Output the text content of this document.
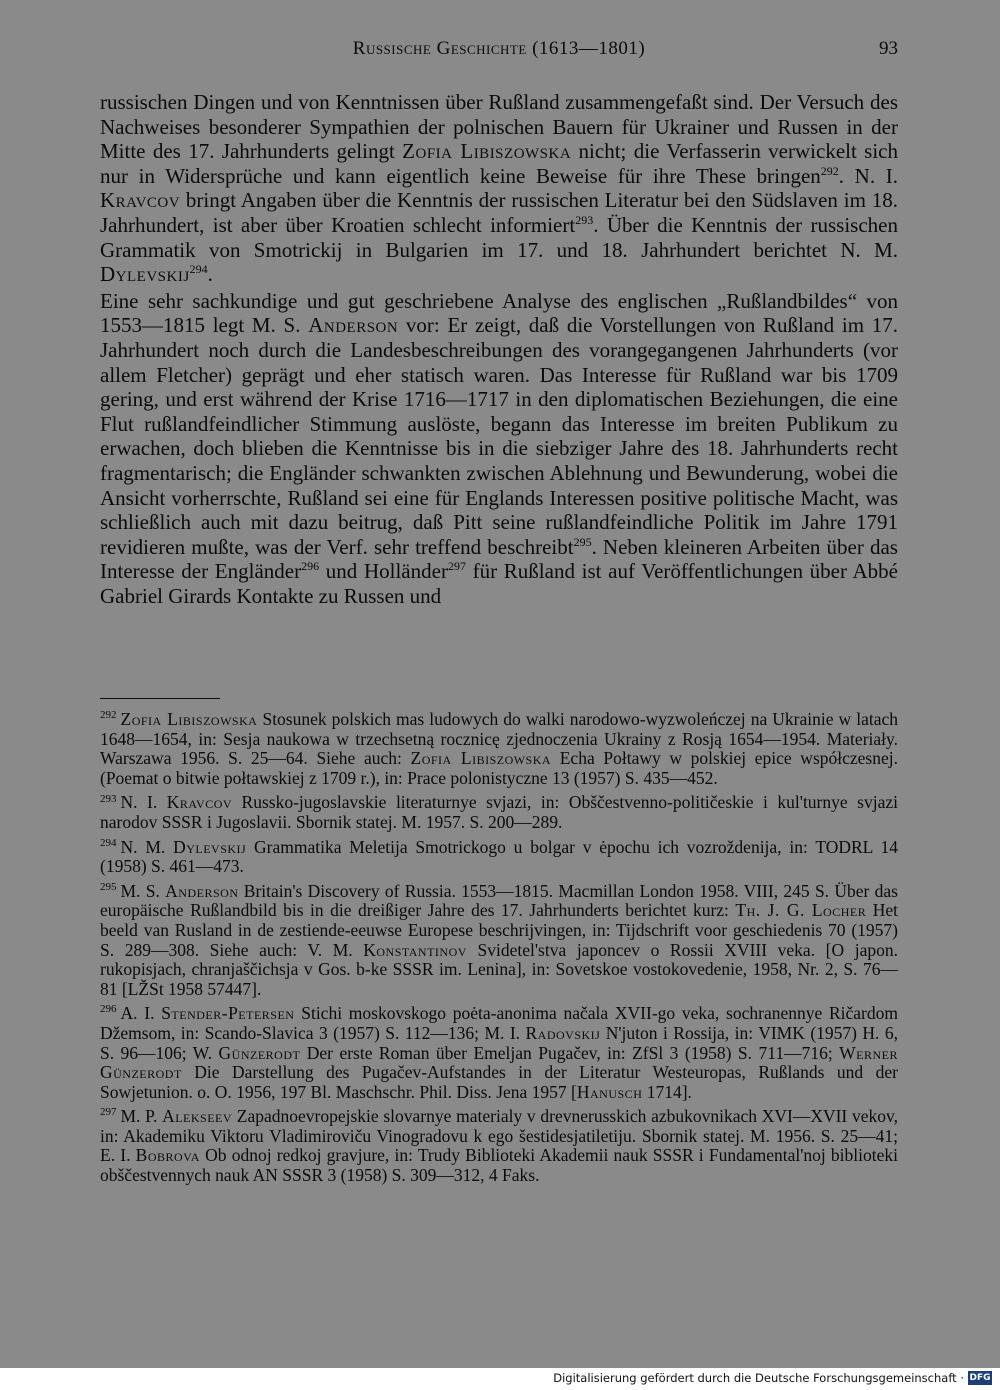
Russische Geschichte (1613—1801)	93

russischen Dingen und von Kenntnissen über Rußland zusammengefaßt sind. Der Versuch des Nachweises besonderer Sympathien der polnischen Bauern für Ukrainer und Russen in der Mitte des 17. Jahrhunderts gelingt Zofia Libiszowska nicht; die Verfasserin verwickelt sich nur in Widersprüche und kann eigentlich keine Beweise für ihre These bringen$^{292}$. N. I. Kravcov bringt Angaben über die Kenntnis der russischen Literatur bei den Südslaven im 18. Jahrhundert, ist aber über Kroatien schlecht informiert$^{293}$. Über die Kenntnis der russischen Grammatik von Smotrickij in Bulgarien im 17. und 18. Jahrhundert berichtet N. M. Dylevskij$^{294}$.

Eine sehr sachkundige und gut geschriebene Analyse des englischen „Rußlandbildes“ von 1553—1815 legt M. S. Anderson vor: Er zeigt, daß die Vorstellungen von Rußland im 17. Jahrhundert noch durch die Landesbeschreibungen des vorangegangenen Jahrhunderts (vor allem Fletcher) geprägt und eher statisch waren. Das Interesse für Rußland war bis 1709 gering, und erst während der Krise 1716—1717 in den diplomatischen Beziehungen, die eine Flut rußlandfeindlicher Stimmung auslöste, begann das Interesse im breiten Publikum zu erwachen, doch blieben die Kenntnisse bis in die siebziger Jahre des 18. Jahrhunderts recht fragmentarisch; die Engländer schwankten zwischen Ablehnung und Bewunderung, wobei die Ansicht vorherrschte, Rußland sei eine für Englands Interessen positive politische Macht, was schließlich auch mit dazu beitrug, daß Pitt seine rußlandfeindliche Politik im Jahre 1791 revidieren mußte, was der Verf. sehr treffend beschreibt$^{295}$. Neben kleineren Arbeiten über das Interesse der Engländer$^{296}$ und Holländer$^{297}$ für Rußland ist auf Veröffentlichungen über Abbé Gabriel Girards Kontakte zu Russen und

$^{292}$ Zofia Libiszowska Stosunek polskich mas ludowych do walki narodowo-wyzwoleńczej na Ukrainie w latach 1648—1654, in: Sesja naukowa w trzechsetną rocznicę zjednoczenia Ukrainy z Rosją 1654—1954. Materiały. Warszawa 1956. S. 25—64. Siehe auch: Zofia Libiszowska Echa Połtawy w polskiej epice współczesnej. (Poemat o bitwie połtawskiej z 1709 r.), in: Prace polonistyczne 13 (1957) S. 435—452.

$^{293}$ N. I. Kravcov Russko-jugoslavskie literaturnye svjazi, in: Obščestvenno-političeskie i kul'turnye svjazi narodov SSSR i Jugoslavii. Sbornik statej. M. 1957. S. 200—289.

$^{294}$ N. M. Dylevskij Grammatika Meletija Smotrickogo u bolgar v ėpochu ich vozroždenija, in: TODRL 14 (1958) S. 461—473.

$^{295}$ M. S. Anderson Britain's Discovery of Russia. 1553—1815. Macmillan London 1958. VIII, 245 S. Über das europäische Rußlandbild bis in die dreißiger Jahre des 17. Jahrhunderts berichtet kurz: Th. J. G. Locher Het beeld van Rusland in de zestiende-eeuwse Europese beschrijvingen, in: Tijdschrift voor geschiedenis 70 (1957) S. 289—308. Siehe auch: V. M. Konstantinov Svidetel'stva japoncev o Rossii XVIII veka. [O japon. rukopisjach, chranjaščichsja v Gos. b-ke SSSR im. Lenina], in: Sovetskoe vostokovedenie, 1958, Nr. 2, S. 76—81 [LŽSt 1958 57447].

$^{296}$ A. I. Stender-Petersen Stichi moskovskogo poėta-anonima načala XVII-go veka, sochranennye Ričardom Džemsom, in: Scando-Slavica 3 (1957) S. 112—136; M. I. Radovskij N'juton i Rossija, in: VIMK (1957) H. 6, S. 96—106; W. Günzerodt Der erste Roman über Emeljan Pugačev, in: ZfSl 3 (1958) S. 711—716; Werner Günzerodt Die Darstellung des Pugačev-Aufstandes in der Literatur Westeuropas, Rußlands und der Sowjetunion. o. O. 1956, 197 Bl. Maschschr. Phil. Diss. Jena 1957 [Hanusch 1714].

$^{297}$ M. P. Alekseev Zapadnoevropejskie slovarnye materialy v drevnerusskich azbukovnikach XVI—XVII vekov, in: Akademiku Viktoru Vladimiroviču Vinogradovu k ego šestidesjatiletiju. Sbornik statej. M. 1956. S. 25—41; E. I. Bobrova Ob odnoj redkoj gravjure, in: Trudy Biblioteki Akademii nauk SSSR i Fundamental'noj biblioteki obščestvennych nauk AN SSSR 3 (1958) S. 309—312, 4 Faks.

Digitalisierung gefördert durch die Deutsche Forschungsgemeinschaft · DFG
